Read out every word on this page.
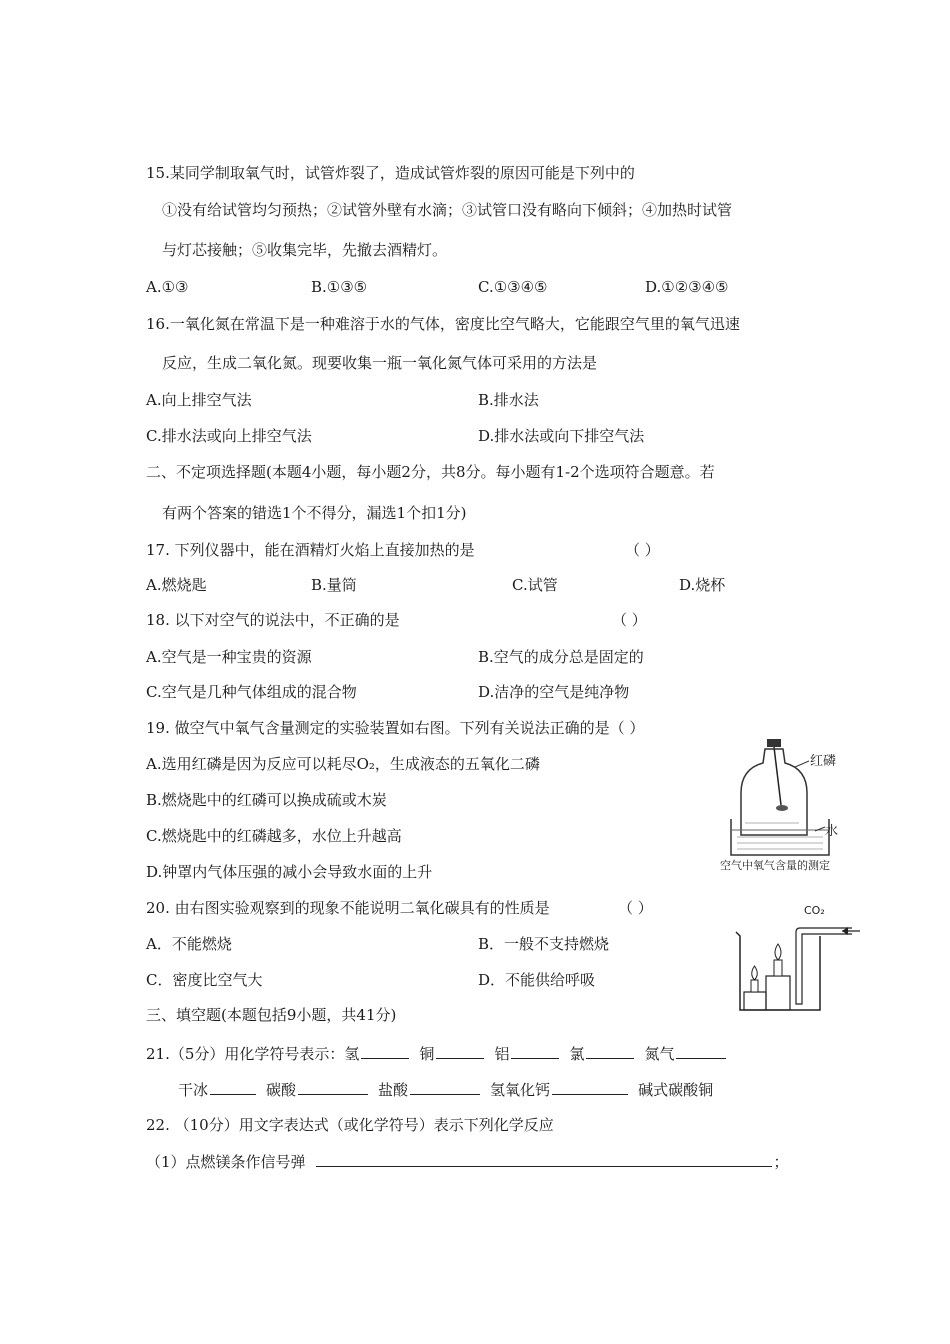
15.某同学制取氧气时，试管炸裂了，造成试管炸裂的原因可能是下列中的
①没有给试管均匀预热；②试管外壁有水滴；③试管口没有略向下倾斜；④加热时试管
与灯芯接触；⑤收集完毕，先撤去酒精灯。
A.①③	B.①③⑤	C.①③④⑤	D.①②③④⑤
16.一氧化氮在常温下是一种难溶于水的气体，密度比空气略大，它能跟空气里的氧气迅速
反应，生成二氧化氮。现要收集一瓶一氧化氮气体可采用的方法是
A.向上排空气法	B.排水法
C.排水法或向上排空气法	D.排水法或向下排空气法
二、不定项选择题(本题4小题，每小题2分，共8分。每小题有1-2个选项符合题意。若
有两个答案的错选1个不得分，漏选1个扣1分)
17. 下列仪器中，能在酒精灯火焰上直接加热的是	（ ）
A.燃烧匙	B.量筒	C.试管	D.烧杯
18. 以下对空气的说法中，不正确的是	（ ）
A.空气是一种宝贵的资源	B.空气的成分总是固定的
C.空气是几种气体组成的混合物	D.洁净的空气是纯净物
19. 做空气中氧气含量测定的实验装置如右图。下列有关说法正确的是（ ）
A.选用红磷是因为反应可以耗尽O₂，生成液态的五氧化二磷
B.燃烧匙中的红磷可以换成硫或木炭
C.燃烧匙中的红磷越多，水位上升越高
D.钟罩内气体压强的减小会导致水面的上升
红磷
水
空气中氧气含量的测定
20. 由右图实验观察到的现象不能说明二氧化碳具有的性质是	（ ）
A．不能燃烧	B．一般不支持燃烧
C．密度比空气大	D．不能供给呼吸
CO₂
三、填空题(本题包括9小题，共41分)
21.（5分）用化学符号表示：氢	铜	铝	氯	氮气
干冰	碳酸	盐酸	氢氧化钙	碱式碳酸铜
22. （10分）用文字表达式（或化学符号）表示下列化学反应
（1）点燃镁条作信号弹	；
